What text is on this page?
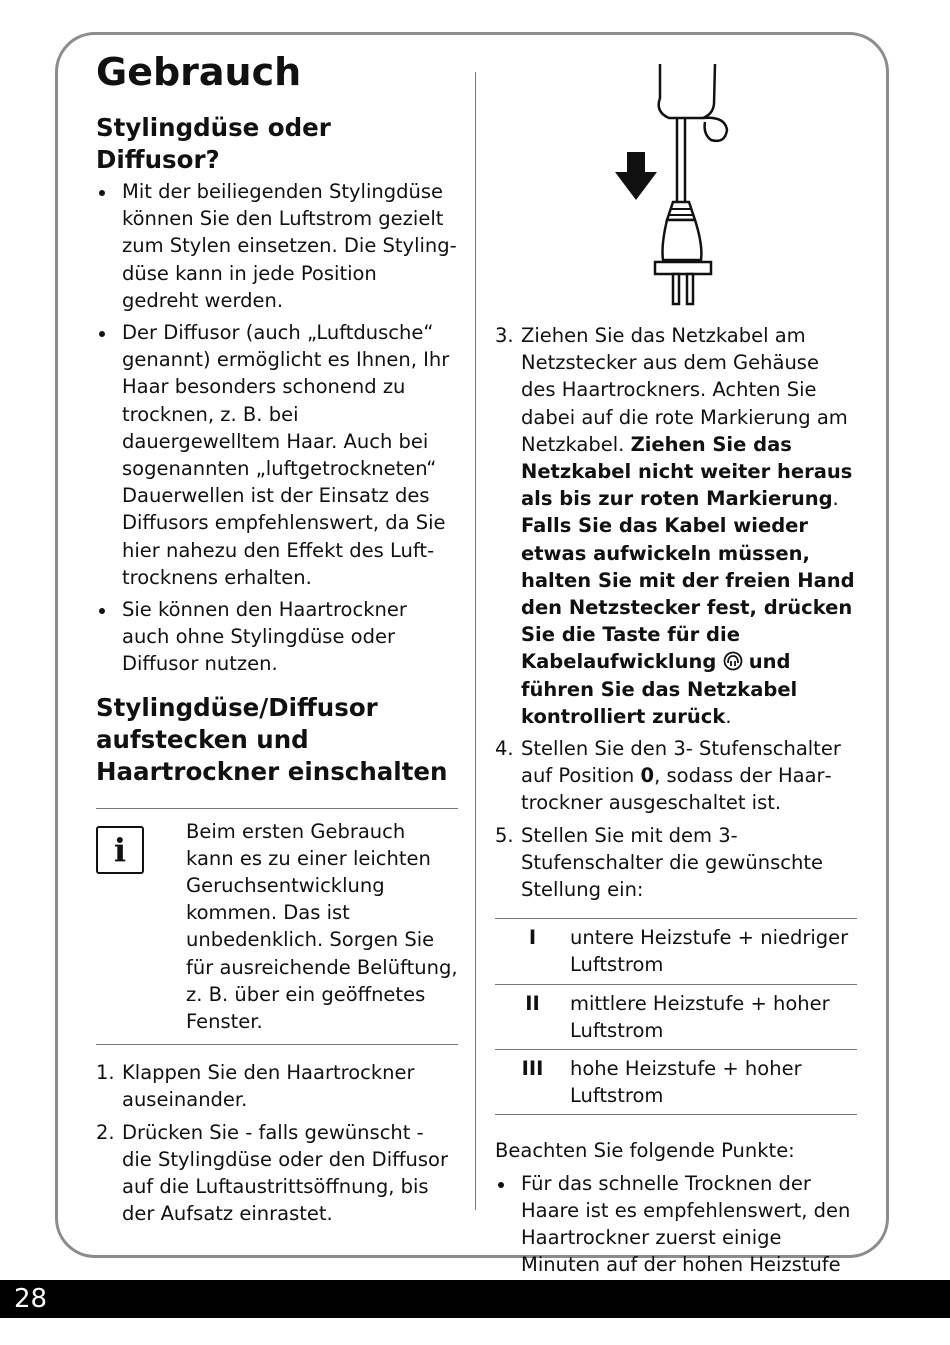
Gebrauch
Stylingdüse oder Diffusor?
Mit der beiliegenden Stylingdüse können Sie den Luftstrom gezielt zum Stylen einsetzen. Die Stylingdüse kann in jede Position gedreht werden.
Der Diffusor (auch „Luftdusche“ genannt) ermöglicht es Ihnen, Ihr Haar besonders schonend zu trocknen, z. B. bei dauergewelltem Haar. Auch bei sogenannten „luftgetrockneten“ Dauerwellen ist der Einsatz des Diffusors empfehlenswert, da Sie hier nahezu den Effekt des Lufttrocknens erhalten.
Sie können den Haartrockner auch ohne Stylingdüse oder Diffusor nutzen.
Stylingdüse/Diffusor aufstecken und Haartrockner einschalten
i	Beim ersten Gebrauch kann es zu einer leichten Geruchsentwicklung kommen. Das ist unbedenklich. Sorgen Sie für ausreichende Belüftung, z. B. über ein geöffnetes Fenster.
1. Klappen Sie den Haartrockner auseinander.
2. Drücken Sie - falls gewünscht - die Stylingdüse oder den Diffusor auf die Luftaustrittsöffnung, bis der Aufsatz einrastet.
3. Ziehen Sie das Netzkabel am Netzstecker aus dem Gehäuse des Haartrockners. Achten Sie dabei auf die rote Markierung am Netzkabel. Ziehen Sie das Netzkabel nicht weiter heraus als bis zur roten Markierung. Falls Sie das Kabel wieder etwas aufwickeln müssen, halten Sie mit der freien Hand den Netzstecker fest, drücken Sie die Taste für die Kabelaufwicklung und führen Sie das Netzkabel kontrolliert zurück.
4. Stellen Sie den 3- Stufenschalter auf Position 0, sodass der Haartrockner ausgeschaltet ist.
5. Stellen Sie mit dem 3-Stufenschalter die gewünschte Stellung ein:
I	untere Heizstufe + niedriger Luftstrom
II	mittlere Heizstufe + hoher Luftstrom
III	hohe Heizstufe + hoher Luftstrom
Beachten Sie folgende Punkte:
Für das schnelle Trocknen der Haare ist es empfehlenswert, den Haartrockner zuerst einige Minuten auf der hohen Heizstufe
28
